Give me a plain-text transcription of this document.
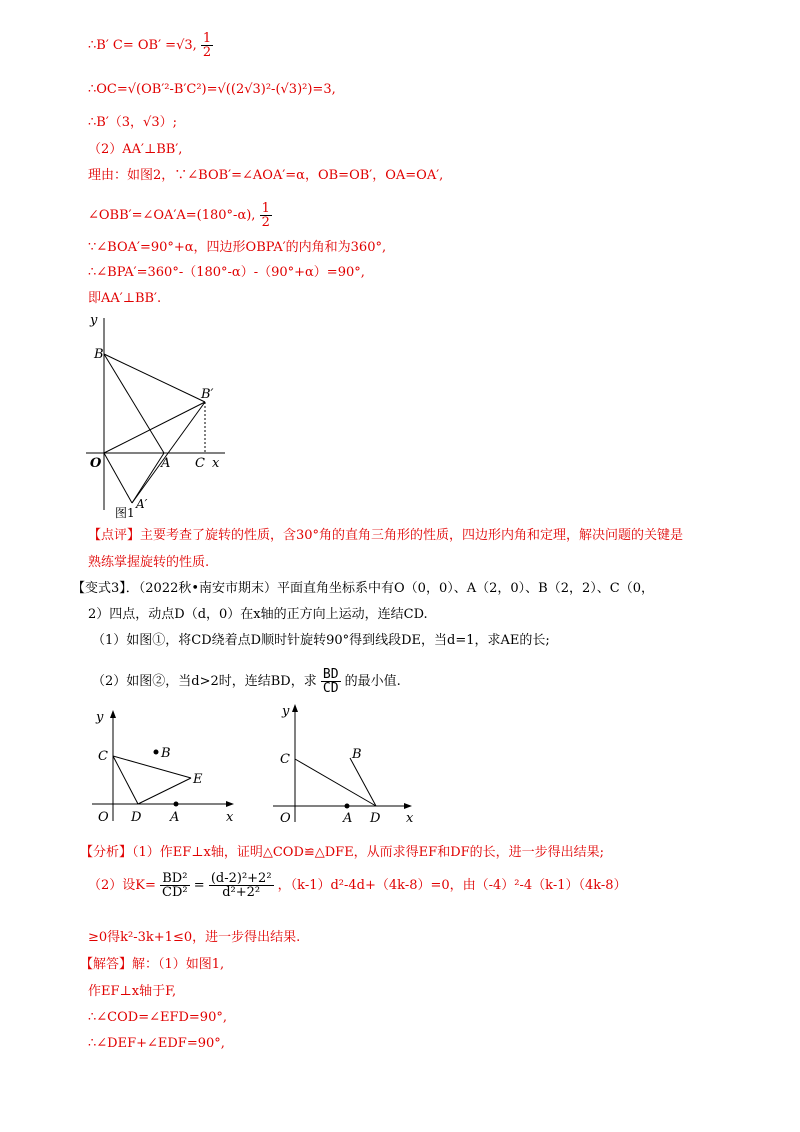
∴B′ C= OB′ =√3, $\frac{1}{2}$
∴OC=√(OB′²-B′C²)=√((2√3)²-(√3)²)=3,
∴B′（3，√3）;
（2）AA′⊥BB′,
理由：如图2，∵∠BOB′=∠AOA′=α，OB=OB′，OA=OA′,
∠OBB′=∠OA′A=(180°-α), $\frac{1}{2}$
∵∠BOA′=90°+α，四边形OBPA′的内角和为360°,
∴∠BPA′=360°-（180°-α）-（90°+α）=90°,
即AA′⊥BB′.
y
B
B′
O	A C x
A′
图1
【点评】主要考查了旋转的性质，含30°角的直角三角形的性质，四边形内角和定理，解决问题的关键是
熟练掌握旋转的性质.
【变式3】．（2022秋•南安市期末）平面直角坐标系中有O（0，0）、A（2，0）、B（2，2）、C（0，
2）四点，动点D（d，0）在x轴的正方向上运动，连结CD.
（1）如图①，将CD绕着点D顺时针旋转90°得到线段DE，当d=1，求AE的长;
（2）如图②，当d>2时，连结BD，求 $\frac{BD}{CD}$ 的最小值.
y
C	B
E
O D A	x
y
C	B
O	A D x
【分析】（1）作EF⊥x轴，证明△COD≌△DFE，从而求得EF和DF的长，进一步得出结果;
（2）设$K= \frac{\text{BD²}}{\text{CD²}} = \frac{\text{(d-2)²+2²}}{\text{d²+2²}}$ ，（k-1）d²-4d+（4k-8）=0，由（-4）²-4（k-1）（4k-8）
≥0得k²-3k+1≤0，进一步得出结果.
【解答】解：（1）如图1,
作EF⊥x轴于F,
∴∠COD=∠EFD=90°,
∴∠DEF+∠EDF=90°,
